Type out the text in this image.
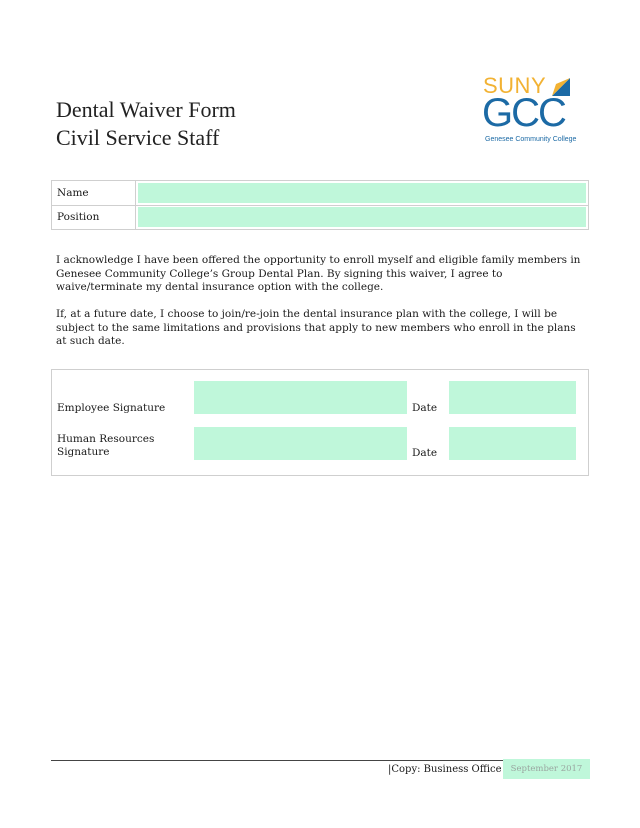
Dental Waiver Form
Civil Service Staff
SUNY
GCC
Genesee Community College
Name
Position
I acknowledge I have been offered the opportunity to enroll myself and eligible family members in Genesee Community College’s Group Dental Plan. By signing this waiver, I agree to waive/terminate my dental insurance option with the college.
If, at a future date, I choose to join/re-join the dental insurance plan with the college, I will be subject to the same limitations and provisions that apply to new members who enroll in the plans at such date.
Employee Signature	Date
Human Resources
Signature	Date
|Copy: Business Office	September 2017
